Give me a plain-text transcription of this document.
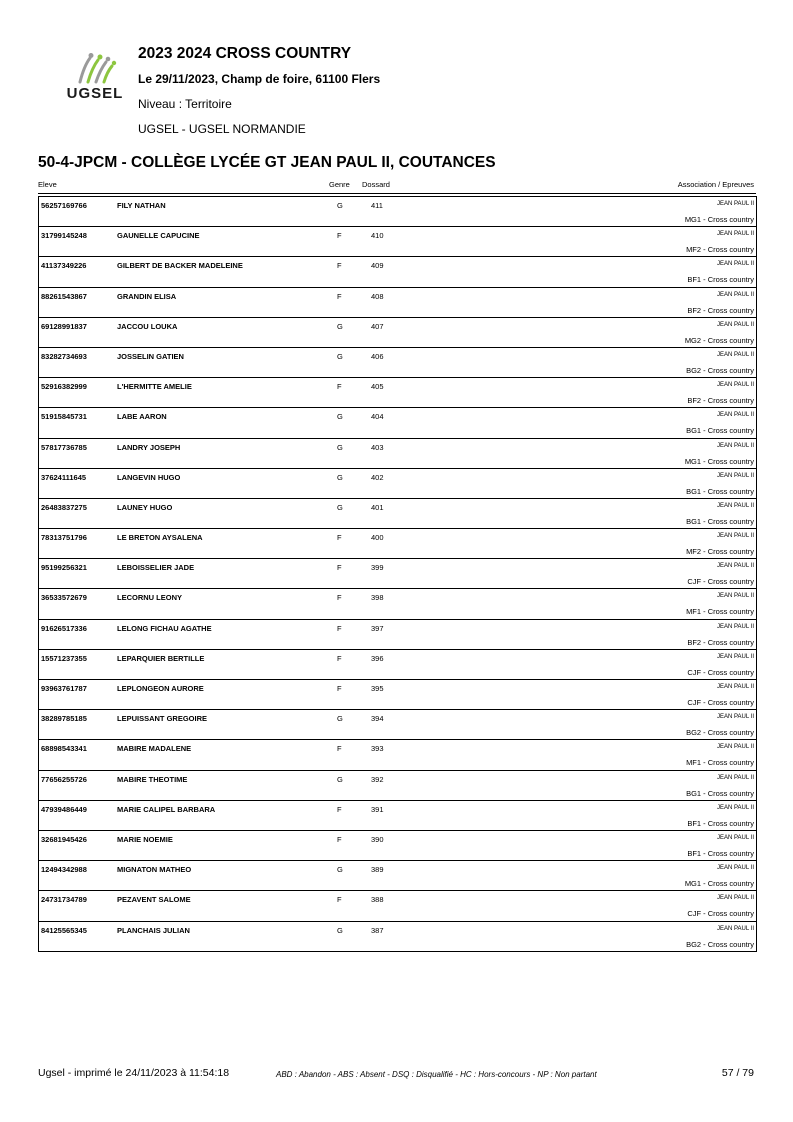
UGSEL
2023 2024 CROSS COUNTRY
Le 29/11/2023, Champ de foire, 61100 Flers
Niveau : Territoire
UGSEL - UGSEL NORMANDIE
50-4-JPCM - COLLÈGE LYCÉE GT JEAN PAUL II, COUTANCES
Eleve	Genre Dossard	Association / Epreuves
56257169766	FILY NATHAN	G	411	JEAN PAUL II
MG1 - Cross country
31799145248	GAUNELLE CAPUCINE	F	410	JEAN PAUL II
MF2 - Cross country
41137349226	GILBERT DE BACKER MADELEINE	F	409	JEAN PAUL II
BF1 - Cross country
88261543867	GRANDIN ELISA	F	408	JEAN PAUL II
BF2 - Cross country
69128991837	JACCOU LOUKA	G	407	JEAN PAUL II
MG2 - Cross country
83282734693	JOSSELIN GATIEN	G	406	JEAN PAUL II
BG2 - Cross country
52916382999	L'HERMITTE AMELIE	F	405	JEAN PAUL II
BF2 - Cross country
51915845731	LABE AARON	G	404	JEAN PAUL II
BG1 - Cross country
57817736785	LANDRY JOSEPH	G	403	JEAN PAUL II
MG1 - Cross country
37624111645	LANGEVIN HUGO	G	402	JEAN PAUL II
BG1 - Cross country
26483837275	LAUNEY HUGO	G	401	JEAN PAUL II
BG1 - Cross country
78313751796	LE BRETON AYSALENA	F	400	JEAN PAUL II
MF2 - Cross country
95199256321	LEBOISSELIER JADE	F	399	JEAN PAUL II
CJF - Cross country
36533572679	LECORNU LEONY	F	398	JEAN PAUL II
MF1 - Cross country
91626517336	LELONG FICHAU AGATHE	F	397	JEAN PAUL II
BF2 - Cross country
15571237355	LEPARQUIER BERTILLE	F	396	JEAN PAUL II
CJF - Cross country
93963761787	LEPLONGEON AURORE	F	395	JEAN PAUL II
CJF - Cross country
38289785185	LEPUISSANT GREGOIRE	G	394	JEAN PAUL II
BG2 - Cross country
68898543341	MABIRE MADALENE	F	393	JEAN PAUL II
MF1 - Cross country
77656255726	MABIRE THEOTIME	G	392	JEAN PAUL II
BG1 - Cross country
47939486449	MARIE CALIPEL BARBARA	F	391	JEAN PAUL II
BF1 - Cross country
32681945426	MARIE NOEMIE	F	390	JEAN PAUL II
BF1 - Cross country
12494342988	MIGNATON MATHEO	G	389	JEAN PAUL II
MG1 - Cross country
24731734789	PEZAVENT SALOME	F	388	JEAN PAUL II
CJF - Cross country
84125565345	PLANCHAIS JULIAN	G	387	JEAN PAUL II
BG2 - Cross country
Ugsel - imprimé le 24/11/2023 à 11:54:18	ABD : Abandon - ABS : Absent - DSQ : Disqualifié - HC : Hors-concours - NP : Non partant	57 / 79
